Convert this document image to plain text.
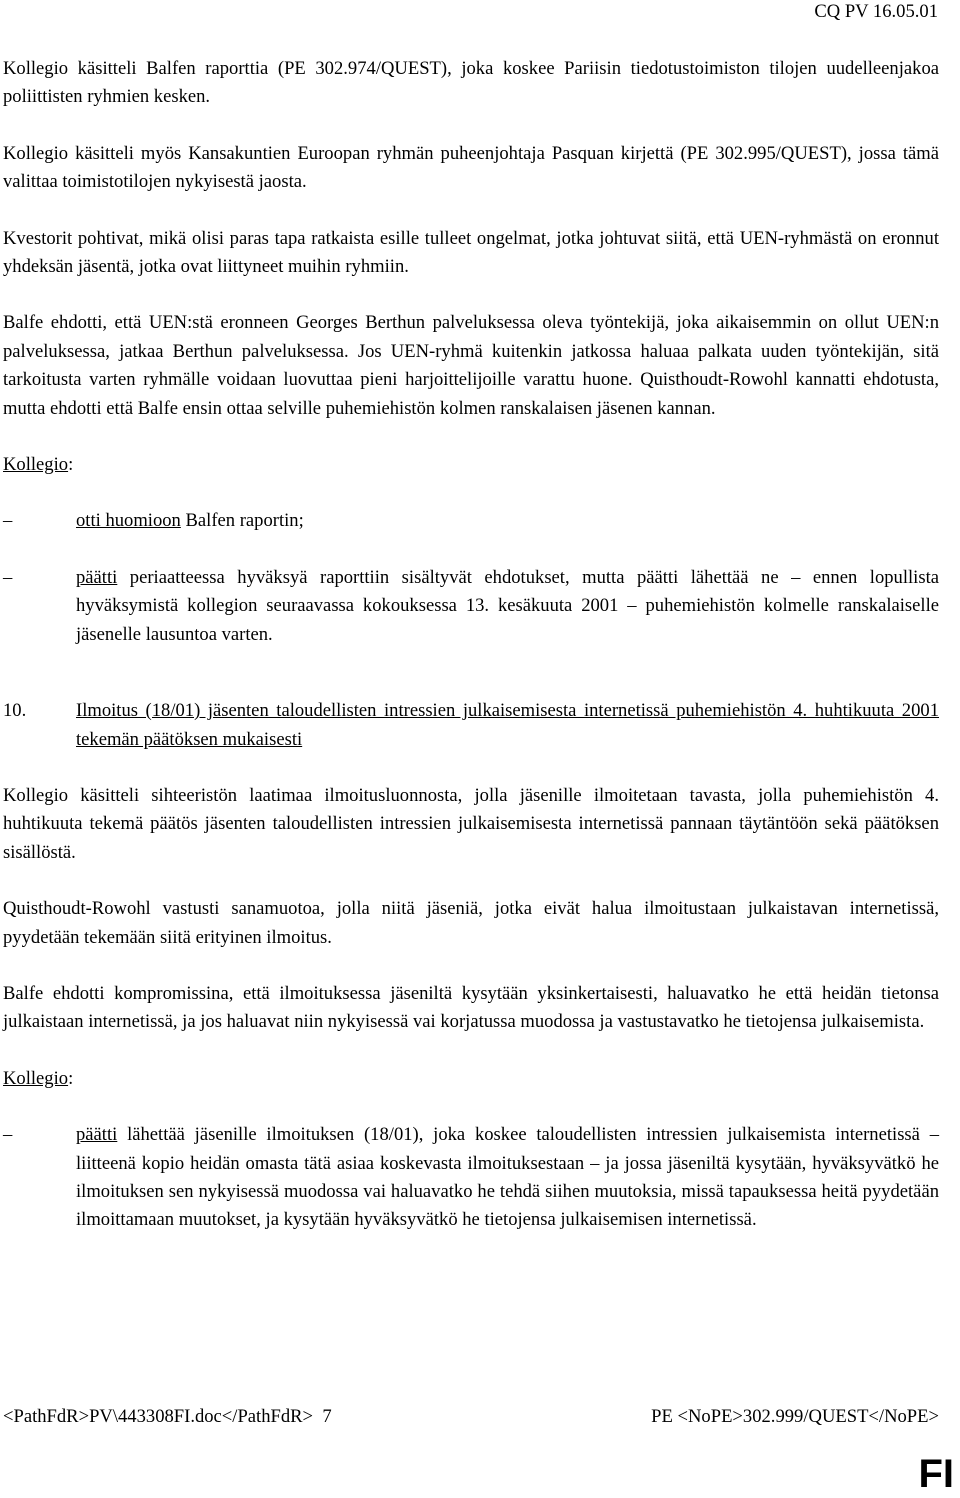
CQ PV 16.05.01

Kollegio käsitteli Balfen raporttia (PE 302.974/QUEST), joka koskee Pariisin tiedotustoimiston tilojen uudelleenjakoa poliittisten ryhmien kesken.

Kollegio käsitteli myös Kansakuntien Euroopan ryhmän puheenjohtaja Pasquan kirjettä (PE 302.995/QUEST), jossa tämä valittaa toimistotilojen nykyisestä jaosta.

Kvestorit pohtivat, mikä olisi paras tapa ratkaista esille tulleet ongelmat, jotka johtuvat siitä, että UEN-ryhmästä on eronnut yhdeksän jäsentä, jotka ovat liittyneet muihin ryhmiin.

Balfe ehdotti, että UEN:stä eronneen Georges Berthun palveluksessa oleva työntekijä, joka aikaisemmin on ollut UEN:n palveluksessa, jatkaa Berthun palveluksessa. Jos UEN-ryhmä kuitenkin jatkossa haluaa palkata uuden työntekijän, sitä tarkoitusta varten ryhmälle voidaan luovuttaa pieni harjoittelijoille varattu huone. Quisthoudt-Rowohl kannatti ehdotusta, mutta ehdotti että Balfe ensin ottaa selville puhemiehistön kolmen ranskalaisen jäsenen kannan.

Kollegio:

–	otti huomioon Balfen raportin;
–	päätti periaatteessa hyväksyä raporttiin sisältyvät ehdotukset, mutta päätti lähettää ne – ennen lopullista hyväksymistä kollegion seuraavassa kokouksessa 13. kesäkuuta 2001 – puhemiehistön kolmelle ranskalaiselle jäsenelle lausuntoa varten.
10.	Ilmoitus (18/01) jäsenten taloudellisten intressien julkaisemisesta internetissä puhemiehistön 4. huhtikuuta 2001 tekemän päätöksen mukaisesti

Kollegio käsitteli sihteeristön laatimaa ilmoitusluonnosta, jolla jäsenille ilmoitetaan tavasta, jolla puhemiehistön 4. huhtikuuta tekemä päätös jäsenten taloudellisten intressien julkaisemisesta internetissä pannaan täytäntöön sekä päätöksen sisällöstä.

Quisthoudt-Rowohl vastusti sanamuotoa, jolla niitä jäseniä, jotka eivät halua ilmoitustaan julkaistavan internetissä, pyydetään tekemään siitä erityinen ilmoitus.

Balfe ehdotti kompromissina, että ilmoituksessa jäseniltä kysytään yksinkertaisesti, haluavatko he että heidän tietonsa julkaistaan internetissä, ja jos haluavat niin nykyisessä vai korjatussa muodossa ja vastustavatko he tietojensa julkaisemista.

Kollegio:

–	päätti lähettää jäsenille ilmoituksen (18/01), joka koskee taloudellisten intressien julkaisemista internetissä – liitteenä kopio heidän omasta tätä asiaa koskevasta ilmoituksestaan – ja jossa jäseniltä kysytään, hyväksyvätkö he ilmoituksen sen nykyisessä muodossa vai haluavatko he tehdä siihen muutoksia, missä tapauksessa heitä pyydetään ilmoittamaan muutokset, ja kysytään hyväksyvätkö he tietojensa julkaisemisen internetissä.
<PathFdR>PV\443308FI.doc</PathFdR> 7	PE <NoPE>302.999/QUEST</NoPE>
FI
